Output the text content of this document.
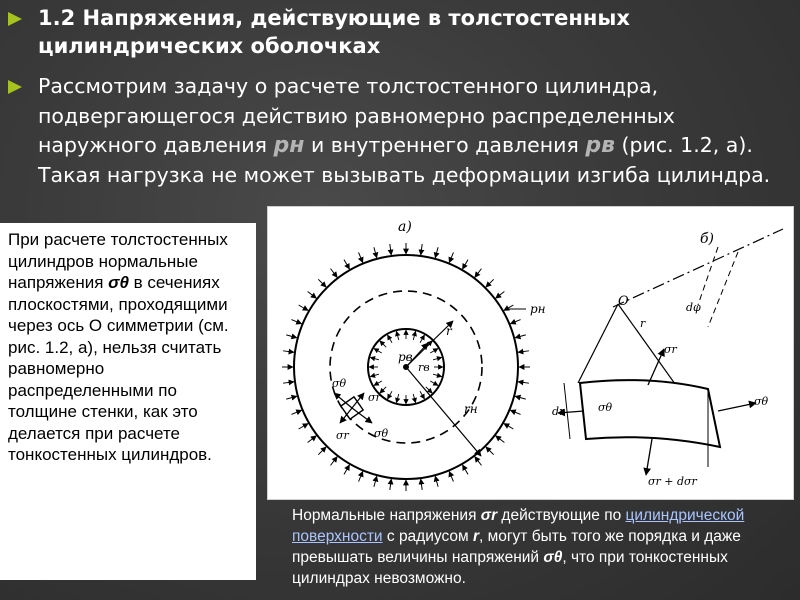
1.2 Напряжения, действующие в толстостенных цилиндрических оболочках
Рассмотрим задачу о расчете толстостенного цилиндра, подвергающегося действию равномерно распределенных наружного давления pн и внутреннего давления pв (рис. 1.2, а). Такая нагрузка не может вызывать деформации изгиба цилиндра.
При расчете толстостенных цилиндров нормальные напряжения σθ в сечениях плоскостями, проходящими через ось О симметрии (см. рис. 1.2, а), нельзя считать равномерно распределенными по толщине стенки, как это делается при расчете тонкостенных цилиндров.
а)
pн
pв
rв
rн
r
σθ
σr
σr σθ
б)
O	dφ
r
σr
dr	σθ	σθ
σr + dσr
Нормальные напряжения σr действующие по цилиндрической поверхности с радиусом r, могут быть того же порядка и даже превышать величины напряжений σθ, что при тонкостенных цилиндрах невозможно.
